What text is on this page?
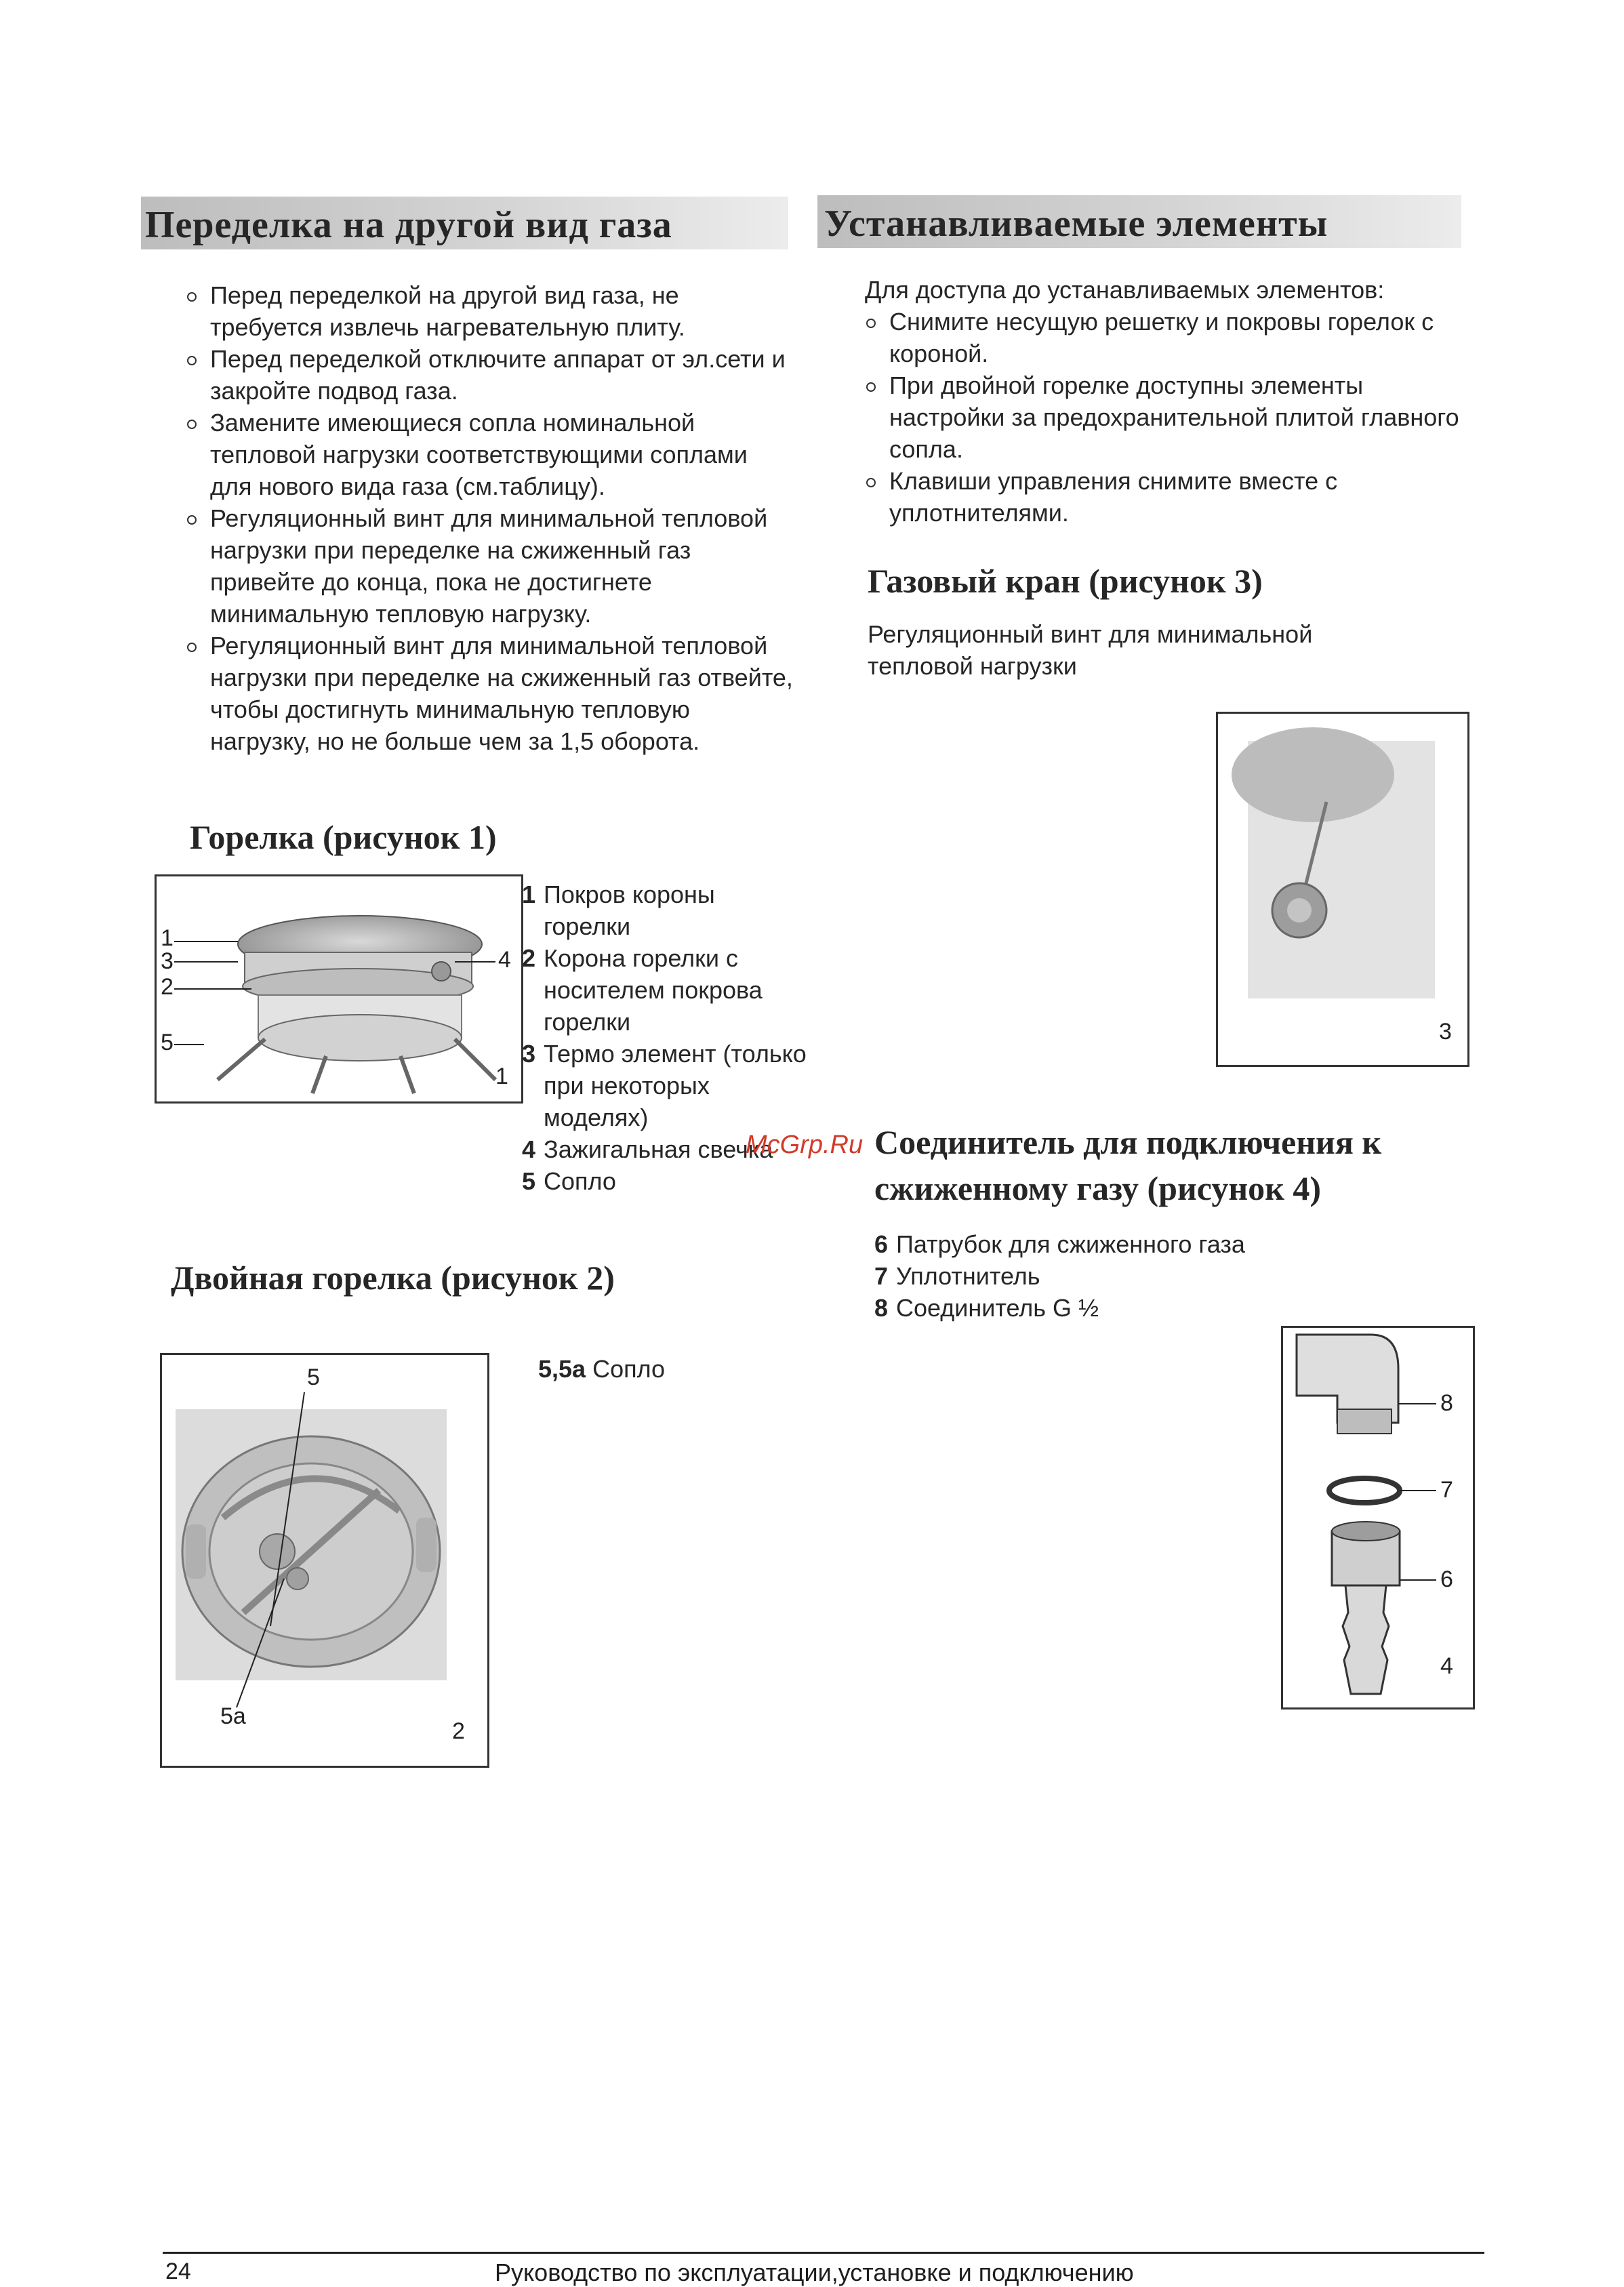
Переделка на другой вид газа
Перед переделкой на другой вид газа, не требуется извлечь нагревательную плиту.
Перед переделкой отключите аппарат от эл.сети и закройте подвод газа.
Замените имеющиеся сопла номинальной тепловой нагрузки соответствующими соплами для нового вида газа (см.таблицу).
Регуляционный винт для минимальной тепловой нагрузки при переделке на сжиженный газ привейте до конца, пока не достигнете минимальную тепловую нагрузку.
Регуляционный винт для минимальной тепловой нагрузки при переделке на сжиженный газ отвейте, чтобы достигнуть минимальную тепловую нагрузку, но не больше чем за 1,5 оборота.
Горелка (рисунок 1)
1
3
2
5
4
1
1 Покров короны горелки
2 Корона горелки с носителем покрова горелки
3 Термо элемент (только при некоторых моделях)
4 Зажигальная свечка
5 Сопло
Двойная горелка (рисунок 2)
5
5a
2
5,5a Сопло
Устанавливаемые элементы
Для доступа до устанавливаемых элементов:
Снимите несущую решетку и покровы горелок с короной.
При двойной горелке доступны элементы настройки за предохранительной плитой главного сопла.
Клавиши управления снимите вместе с уплотнителями.
Газовый кран (рисунок 3)
Регуляционный винт для минимальной тепловой нагрузки
3
Соединитель для подключения к
сжиженному газу (рисунок 4)
6 Патрубок для сжиженного газа
7 Уплотнитель
8 Соединитель G ½
8
7
6
4
McGrp.Ru
24	Руководство по эксплуатации,установке и подключению
